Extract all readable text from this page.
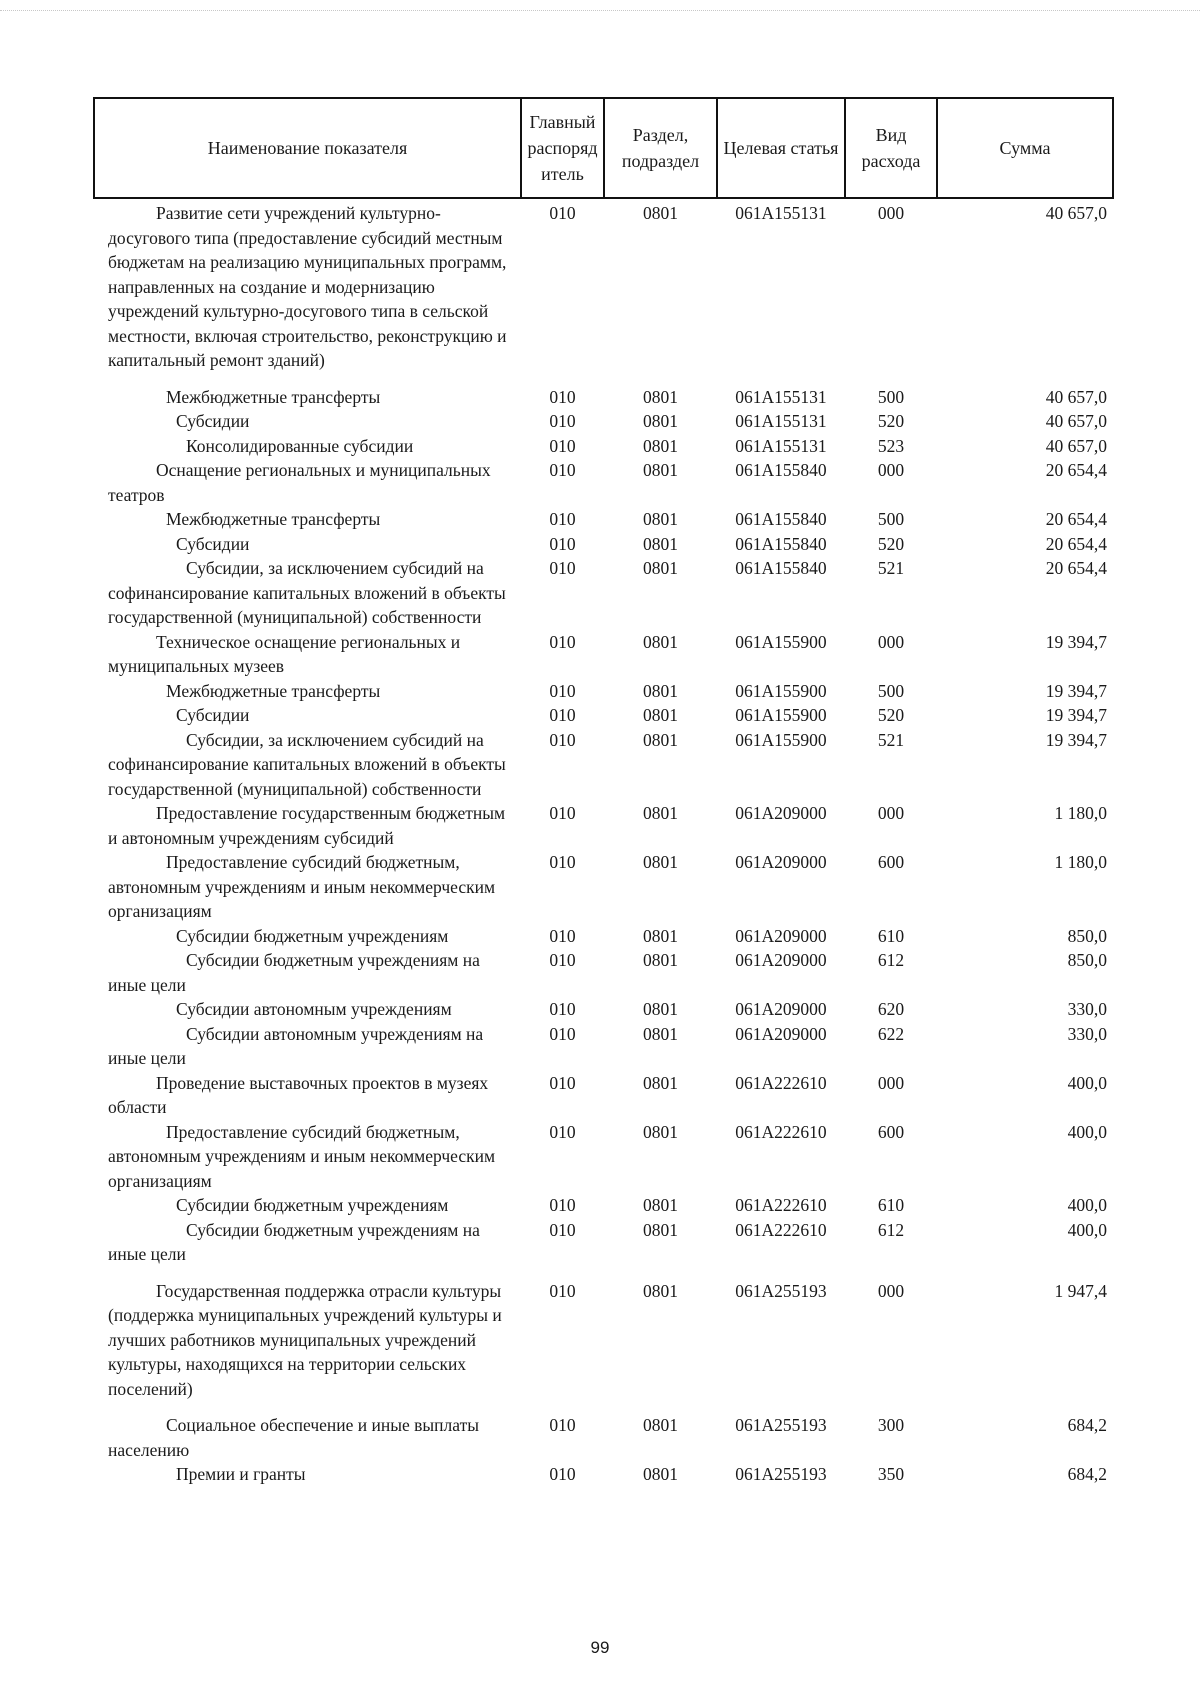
Наименование показателя	Главный распоряд итель	Раздел, подраздел	Целевая статья	Вид расхода	Сумма
Развитие сети учреждений культурно-досугового типа (предоставление субсидий местным бюджетам на реализацию муниципальных программ, направленных на создание и модернизацию учреждений культурно-досугового типа в сельской местности, включая строительство, реконструкцию и капитальный ремонт зданий)	010	0801	061A155131	000	40 657,0
Межбюджетные трансферты	010	0801	061A155131	500	40 657,0
Субсидии	010	0801	061A155131	520	40 657,0
Консолидированные субсидии	010	0801	061A155131	523	40 657,0
Оснащение региональных и муниципальных театров	010	0801	061A155840	000	20 654,4
Межбюджетные трансферты	010	0801	061A155840	500	20 654,4
Субсидии	010	0801	061A155840	520	20 654,4
Субсидии, за исключением субсидий на софинансирование капитальных вложений в объекты государственной (муниципальной) собственности	010	0801	061A155840	521	20 654,4
Техническое оснащение региональных и муниципальных музеев	010	0801	061A155900	000	19 394,7
Межбюджетные трансферты	010	0801	061A155900	500	19 394,7
Субсидии	010	0801	061A155900	520	19 394,7
Субсидии, за исключением субсидий на софинансирование капитальных вложений в объекты государственной (муниципальной) собственности	010	0801	061A155900	521	19 394,7
Предоставление государственным бюджетным и автономным учреждениям субсидий	010	0801	061A209000	000	1 180,0
Предоставление субсидий бюджетным, автономным учреждениям и иным некоммерческим организациям	010	0801	061A209000	600	1 180,0
Субсидии бюджетным учреждениям	010	0801	061A209000	610	850,0
Субсидии бюджетным учреждениям на иные цели	010	0801	061A209000	612	850,0
Субсидии автономным учреждениям	010	0801	061A209000	620	330,0
Субсидии автономным учреждениям на иные цели	010	0801	061A209000	622	330,0
Проведение выставочных проектов в музеях области	010	0801	061A222610	000	400,0
Предоставление субсидий бюджетным, автономным учреждениям и иным некоммерческим организациям	010	0801	061A222610	600	400,0
Субсидии бюджетным учреждениям	010	0801	061A222610	610	400,0
Субсидии бюджетным учреждениям на иные цели	010	0801	061A222610	612	400,0
Государственная поддержка отрасли культуры (поддержка муниципальных учреждений культуры и лучших работников муниципальных учреждений культуры, находящихся на территории сельских поселений)	010	0801	061A255193	000	1 947,4
Социальное обеспечение и иные выплаты населению	010	0801	061A255193	300	684,2
Премии и гранты	010	0801	061A255193	350	684,2
99
